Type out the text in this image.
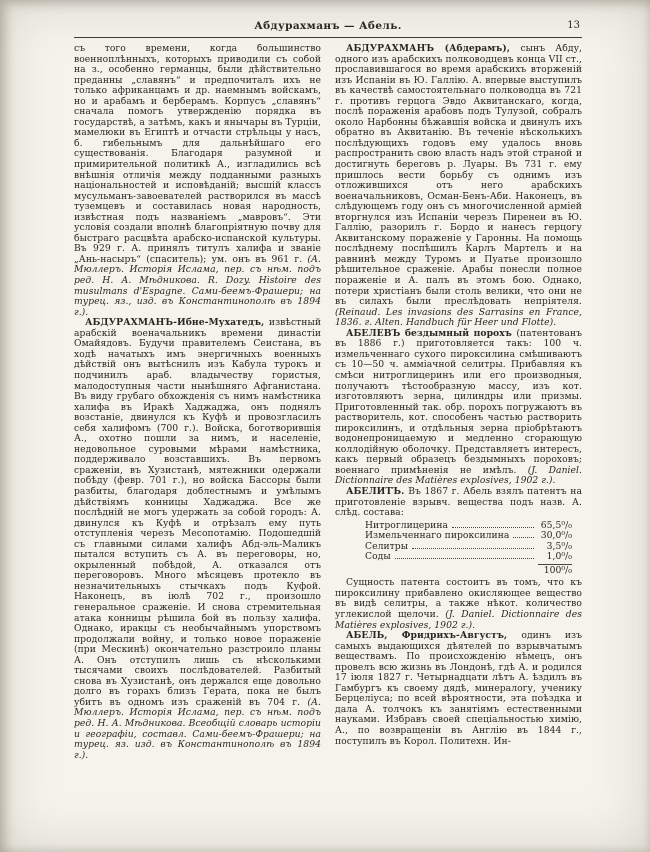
Абдурахманъ — Абель.	13

съ того времени, когда большинство военноплѣнныхъ, которыхъ приводили съ собой на з., особенно германцы, были дѣйствительно преданны „славянъ“ и предпочиталъ ихъ не только африканцамъ и др. наемнымъ войскамъ, но и арабамъ и берберамъ. Корпусъ „славянъ“ сначала помогъ утвержденію порядка въ государствѣ, а затѣмъ, какъ и янычары въ Турціи, мамелюки въ Египтѣ и отчасти стрѣльцы у насъ, б. гибельнымъ для дальнѣйшаго его существованія. Благодаря разумной и примирительной политикѣ А., изгладились всѣ внѣшнія отличія между подданными разныхъ національностей и исповѣданій; высшій классъ мусульманъ-завоевателей растворился въ массѣ туземцевъ и составилась новая народность, извѣстная подъ названіемъ „мавровъ“. Эти условія создали вполнѣ благопріятную почву для быстраго расцвѣта арабско-испанской культуры. Въ 929 г. А. принялъ титулъ халифа и званіе „Ань-насыръ“ (спаситель); ум. онъ въ 961 г. (А. Мюллеръ. Исторія Ислама, пер. съ нѣм. подъ ред. Н. А. Мѣдникова. R. Dozy. Histoire des musulmans d'Espagne. Сами-беемъ-Фрашери; на турец. яз., изд. въ Константинополѣ въ 1894 г.).

АБДУРАХМАНЪ-Ибне-Мухатедъ, извѣстный арабскій военачальникъ времени династіи Омайядовъ. Будучи правителемъ Сеистана, въ ходѣ начатыхъ имъ энергичныхъ военныхъ дѣйствій онъ вытѣснилъ изъ Кабула турокъ и подчинилъ араб. владычеству гористыя, малодоступныя части нынѣшняго Афганистана. Въ виду грубаго обхожденія съ нимъ намѣстника халифа въ Иракѣ Хаджаджа, онъ поднялъ возстаніе, двинулся къ Куфѣ и провозгласилъ себя халифомъ (700 г.). Войска, боготворившія А., охотно пошли за нимъ, и населеніе, недовольное суровыми мѣрами намѣстника, поддерживало возставшихъ. Въ первомъ сраженіи, въ Хузистанѣ, мятежники одержали побѣду (февр. 701 г.), но войска Бассоры были разбиты, благодаря доблестнымъ и умѣлымъ дѣйствіямъ конницы Хаджаджа. Все же послѣдній не могъ удержать за собой городъ: А. двинулся къ Куфѣ и отрѣзалъ ему путь отступленія черезъ Месопотамію. Подошедшій съ главными силами халифъ Абд-эль-Маликъ пытался вступить съ А. въ переговоры, но, окрыленный побѣдой, А. отказался отъ переговоровъ. Много мѣсяцевъ протекло въ незначительныхъ стычкахъ подъ Куфой. Наконецъ, въ іюлѣ 702 г., произошло генеральное сраженіе. И снова стремительная атака конницы рѣшила бой въ пользу халифа. Однако, иракцы съ необычайнымъ упорствомъ продолжали войну, и только новое пораженіе (при Мескинѣ) окончательно разстроило планы А. Онъ отступилъ лишь съ нѣсколькими тысячами своихъ послѣдователей. Разбитый снова въ Хузистанѣ, онъ держался еще довольно долго въ горахъ близъ Герата, пока не былъ убитъ въ одномъ изъ сраженій въ 704 г. (А. Мюллеръ. Исторія Ислама, пер. съ нѣм. подъ ред. Н. А. Мѣдникова. Всеобщій словарь исторіи и географіи, составл. Сами-беемъ-Фрашери; на турец. яз. изд. въ Константинополѣ въ 1894 г.).

АБДУРАХМАНЪ (Абдерамъ), сынъ Абду, одного изъ арабскихъ полководцевъ конца VII ст., прославившагося во время арабскихъ вторженій изъ Испаніи въ Ю. Галлію. А. впервые выступилъ въ качествѣ самостоятельнаго полководца въ 721 г. противъ герцога Эвдо Аквитанскаго, когда, послѣ пораженія арабовъ подъ Тулузой, собралъ около Нарбонны бѣжавшія войска и двинулъ ихъ обратно въ Аквитанію. Въ теченіе нѣсколькихъ послѣдующихъ годовъ ему удалось вновь распространить свою власть надъ этой страной и достигнуть береговъ р. Луары. Въ 731 г. ему пришлось вести борьбу съ однимъ изъ отложившихся отъ него арабскихъ военачальниковъ, Осман-Бенъ-Аби. Наконецъ, въ слѣдующемъ году онъ съ многочисленной арміей вторгнулся изъ Испаніи черезъ Пиренеи въ Ю. Галлію, разорилъ г. Бордо и нанесъ герцогу Аквитанскому пораженіе у Гаронны. На помощь послѣднему поспѣшилъ Карлъ Мартелъ и на равнинѣ между Туромъ и Пуатье произошло рѣшительное сраженіе. Арабы понесли полное пораженіе и А. палъ въ этомъ бою. Однако, потери христіанъ были столь велики, что они не въ силахъ были преслѣдовать непріятеля. (Reinaud. Les invasions des Sarrasins en France, 1836. г. Alten. Handbuch für Heer und Flotte).

АБЕЛЕВЪ бездымный порохъ (патентованъ въ 1886 г.) приготовляется такъ: 100 ч. измельченнаго сухого пироксилина смѣшиваютъ съ 10—50 ч. амміачной селитры. Прибавляя къ смѣси нитроглицеринъ или его производныя, получаютъ тѣстообразную массу, изъ кот. изготовляютъ зерна, цилиндры или призмы. Приготовленный так. обр. порохъ погружаютъ въ растворитель, кот. способенъ частью растворить пироксилинъ, и отдѣльныя зерна пріобрѣтаютъ водонепроницаемую и медленно сгорающую коллодійную оболочку. Представляетъ интересъ, какъ первый образецъ бездымныхъ пороховъ; военнаго примѣненія не имѣлъ. (J. Daniel. Dictionnaire des Matières explosives, 1902 г.).

АБЕЛИТЪ. Въ 1867 г. Абель взялъ патентъ на приготовленіе взрывч. вещества подъ назв. А. слѣд. состава:

Нитроглицерина	65,5⁰/₀
Измельченнаго пироксилина	30,0⁰/₀
Селитры	3,5⁰/₀
Соды	1,0⁰/₀
100⁰/₀

Сущность патента состоитъ въ томъ, что къ пироксилину прибавлено окисляющее вещество въ видѣ селитры, а также нѣкот. количество углекислой щелочи. (J. Daniel. Dictionnaire des Matières explosives, 1902 г.).

АБЕЛЬ, Фридрихъ-Августъ, одинъ изъ самыхъ выдающихся дѣятелей по взрывчатымъ веществамъ. По происхожденію нѣмецъ, онъ провелъ всю жизнь въ Лондонѣ, гдѣ А. и родился 17 іюля 1827 г. Четырнадцати лѣтъ А. ѣздилъ въ Гамбургъ къ своему дядѣ, минералогу, ученику Берцеліуса; по всей вѣроятности, эта поѣздка и дала А. толчокъ къ занятіямъ естественными науками. Избравъ своей спеціальностью химію, А., по возвращеніи въ Англію въ 1844 г., поступилъ въ Корол. Политехн. Ин-
